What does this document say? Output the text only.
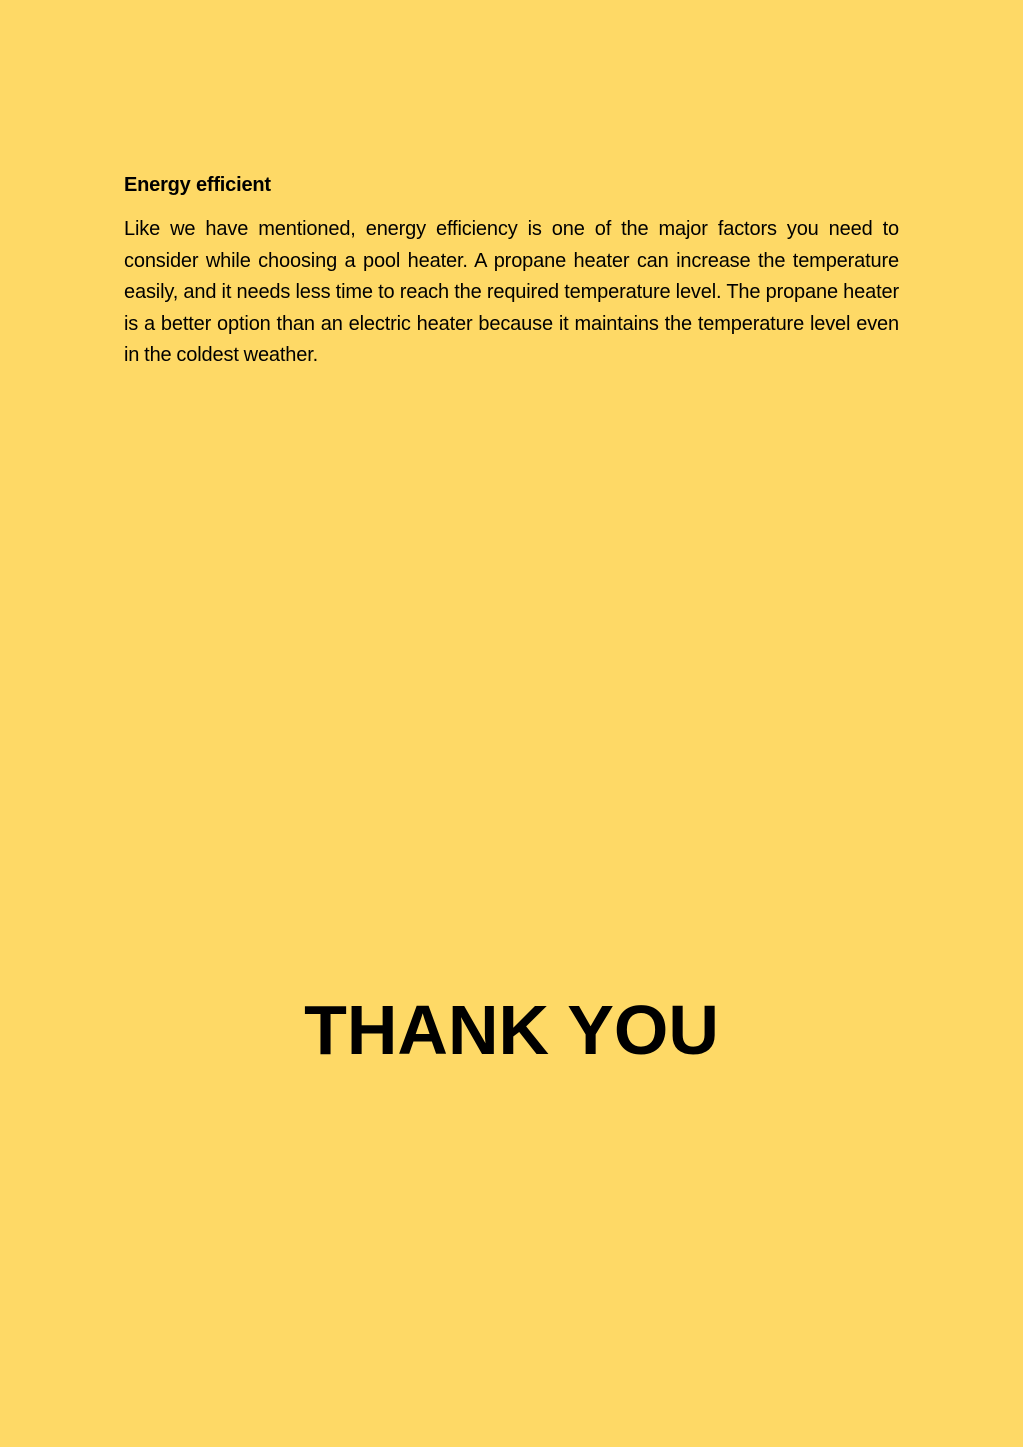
Energy efficient

Like we have mentioned, energy efficiency is one of the major factors you need to consider while choosing a pool heater. A propane heater can increase the temperature easily, and it needs less time to reach the required temperature level. The propane heater is a better option than an electric heater because it maintains the temperature level even in the coldest weather.

THANK YOU
